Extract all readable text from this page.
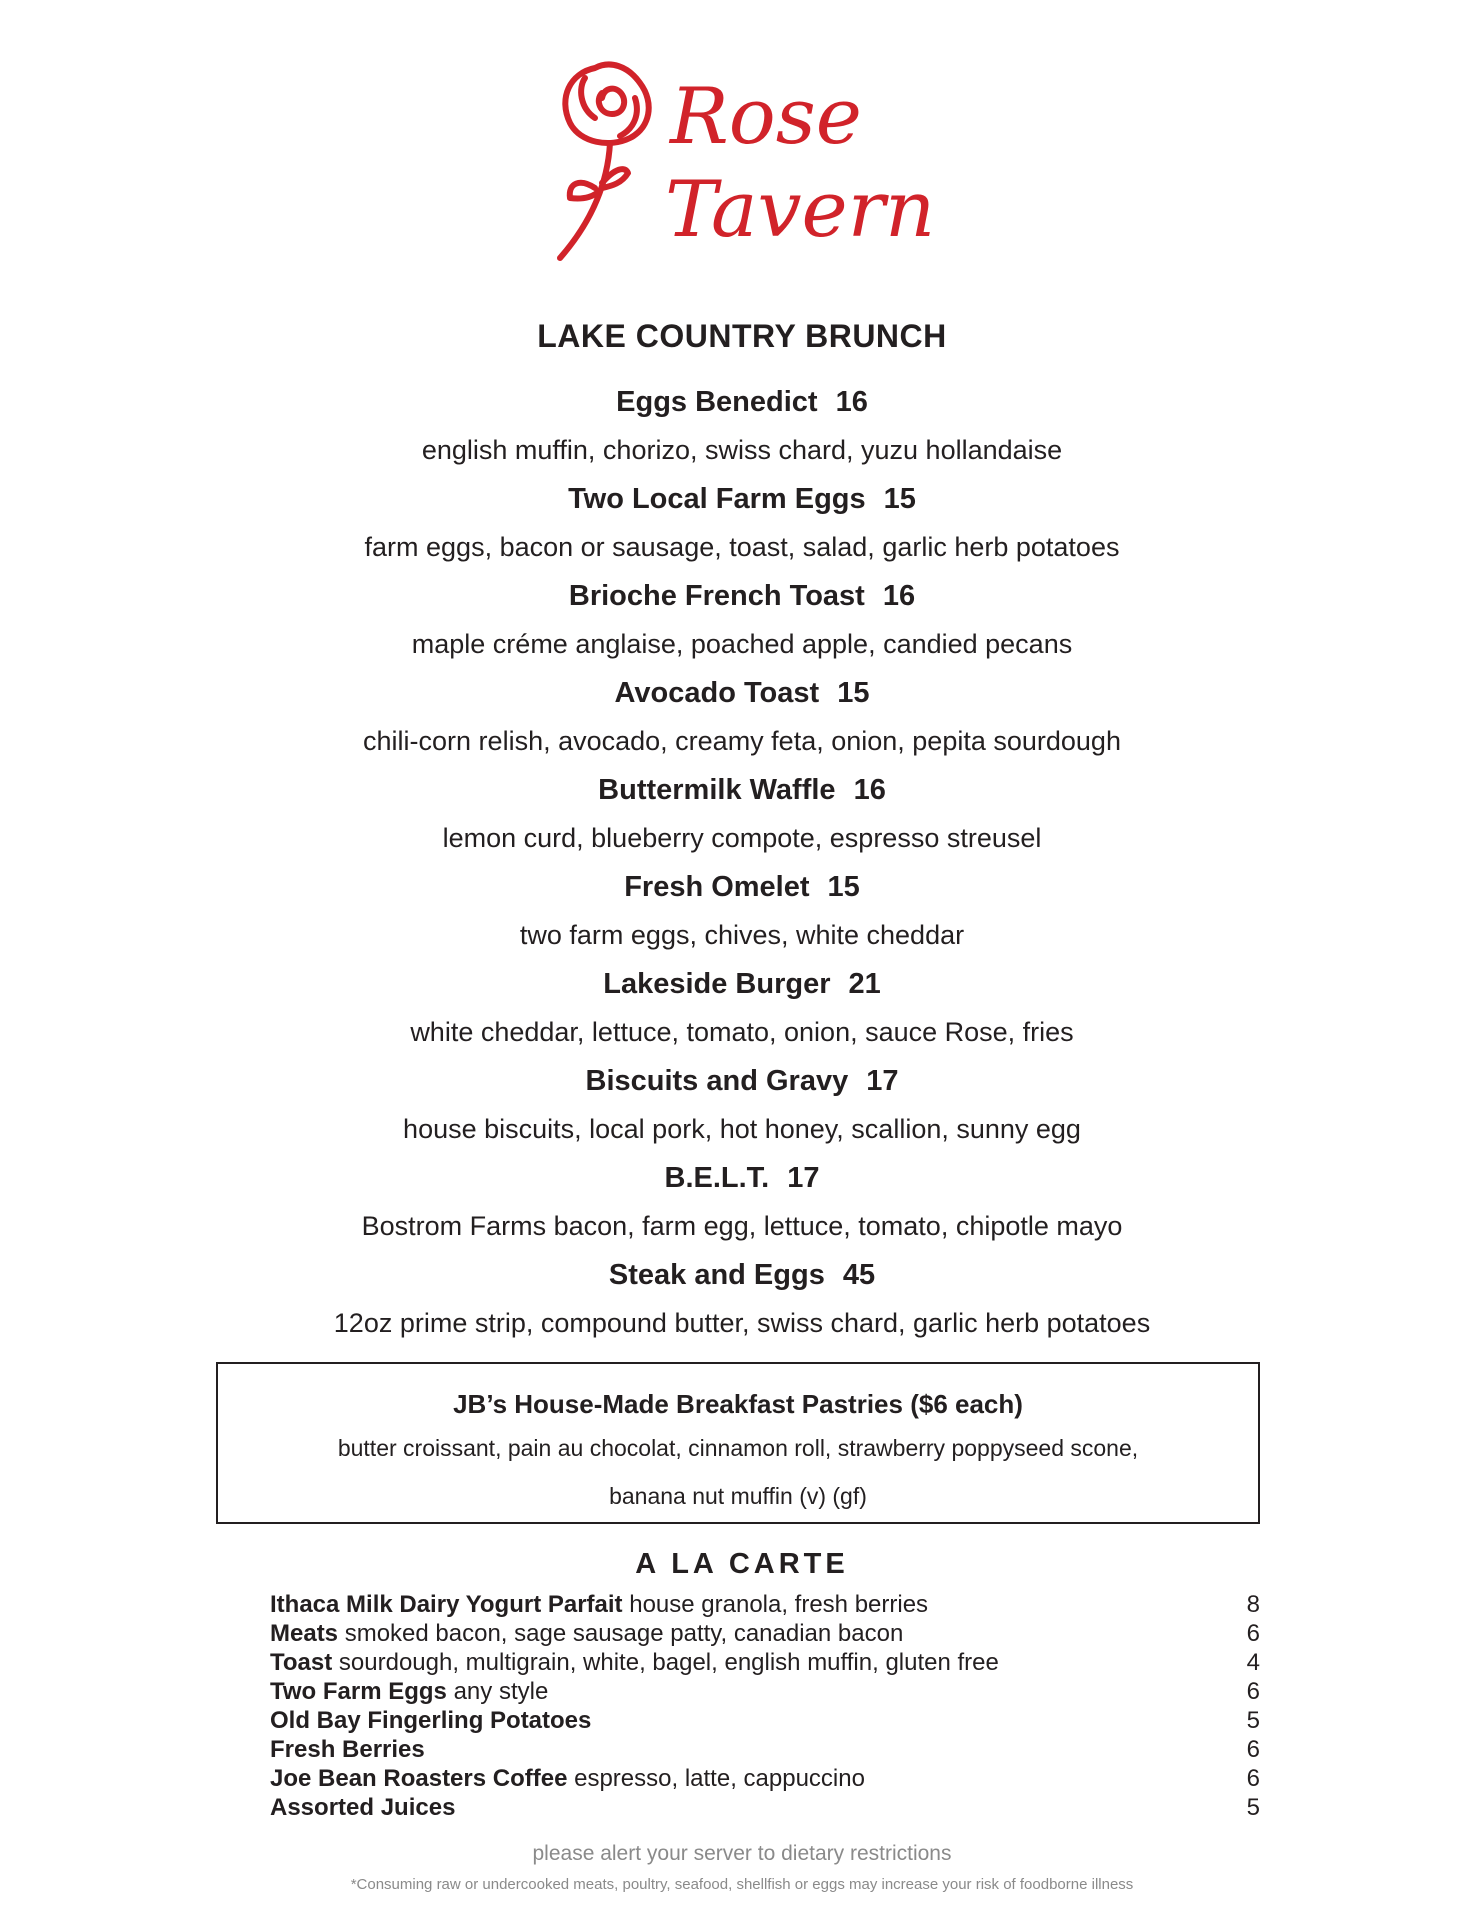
Rose
Tavern
LAKE COUNTRY BRUNCH
Eggs Benedict 16
english muffin, chorizo, swiss chard, yuzu hollandaise
Two Local Farm Eggs 15
farm eggs, bacon or sausage, toast, salad, garlic herb potatoes
Brioche French Toast 16
maple créme anglaise, poached apple, candied pecans
Avocado Toast 15
chili-corn relish, avocado, creamy feta, onion, pepita sourdough
Buttermilk Waffle 16
lemon curd, blueberry compote, espresso streusel
Fresh Omelet 15
two farm eggs, chives, white cheddar
Lakeside Burger 21
white cheddar, lettuce, tomato, onion, sauce Rose, fries
Biscuits and Gravy 17
house biscuits, local pork, hot honey, scallion, sunny egg
B.E.L.T. 17
Bostrom Farms bacon, farm egg, lettuce, tomato, chipotle mayo
Steak and Eggs 45
12oz prime strip, compound butter, swiss chard, garlic herb potatoes
JB’s House-Made Breakfast Pastries ($6 each)
butter croissant, pain au chocolat, cinnamon roll, strawberry poppyseed scone,
banana nut muffin (v) (gf)
A LA CARTE
Ithaca Milk Dairy Yogurt Parfait house granola, fresh berries	8
Meats smoked bacon, sage sausage patty, canadian bacon	6
Toast sourdough, multigrain, white, bagel, english muffin, gluten free	4
Two Farm Eggs any style	6
Old Bay Fingerling Potatoes	5
Fresh Berries	6
Joe Bean Roasters Coffee espresso, latte, cappuccino	6
Assorted Juices	5
please alert your server to dietary restrictions
*Consuming raw or undercooked meats, poultry, seafood, shellfish or eggs may increase your risk of foodborne illness
